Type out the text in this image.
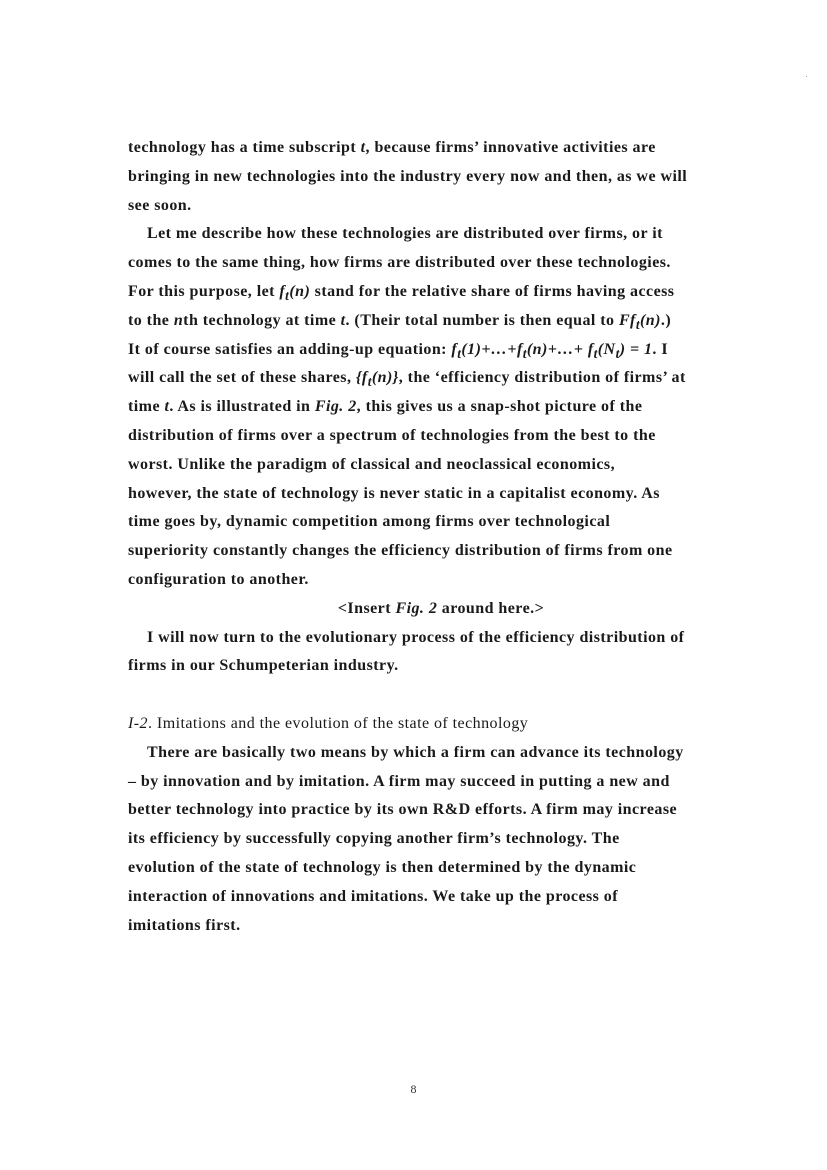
technology has a time subscript t, because firms’ innovative activities are
bringing in new technologies into the industry every now and then, as we will
see soon.
Let me describe how these technologies are distributed over firms, or it
comes to the same thing, how firms are distributed over these technologies.
For this purpose, let $f_t(n)$ stand for the relative share of firms having access
to the nth technology at time t. (Their total number is then equal to $Ff_t(n)$.)
It of course satisfies an adding-up equation: $f_t(1)+\dots+f_t(n)+\dots+ f_t(N_t) = 1$. I
will call the set of these shares, $\{f_t(n)\}$, the ‘efficiency distribution of firms’ at
time t. As is illustrated in Fig. 2, this gives us a snap-shot picture of the
distribution of firms over a spectrum of technologies from the best to the
worst. Unlike the paradigm of classical and neoclassical economics,
however, the state of technology is never static in a capitalist economy. As
time goes by, dynamic competition among firms over technological
superiority constantly changes the efficiency distribution of firms from one
configuration to another.
<Insert Fig. 2 around here.>
I will now turn to the evolutionary process of the efficiency distribution of
firms in our Schumpeterian industry.
I-2. Imitations and the evolution of the state of technology
There are basically two means by which a firm can advance its technology
– by innovation and by imitation. A firm may succeed in putting a new and
better technology into practice by its own R&D efforts. A firm may increase
its efficiency by successfully copying another firm’s technology. The
evolution of the state of technology is then determined by the dynamic
interaction of innovations and imitations. We take up the process of
imitations first.
8
